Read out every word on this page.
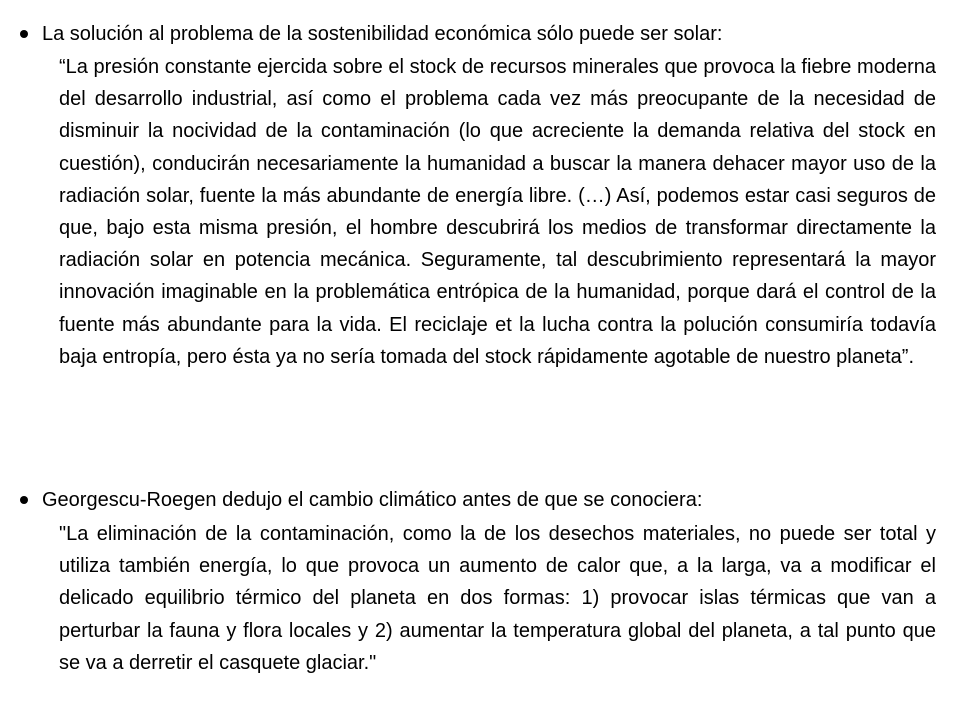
La solución al problema de la sostenibilidad económica sólo puede ser solar:
“La presión constante ejercida sobre el stock de recursos minerales que provoca la fiebre moderna del desarrollo industrial, así como el problema cada vez más preocupante de la necesidad de disminuir la nocividad de la contaminación (lo que acreciente la demanda relativa del stock en cuestión), conducirán necesariamente la humanidad a buscar la manera dehacer mayor uso de la radiación solar, fuente la más abundante de energía libre. (…) Así, podemos estar casi seguros de que, bajo esta misma presión, el hombre descubrirá los medios de transformar directamente la radiación solar en potencia mecánica. Seguramente, tal descubrimiento representará la mayor innovación imaginable en la problemática entrópica de la humanidad, porque dará el control de la fuente más abundante para la vida. El reciclaje et la lucha contra la polución consumiría todavía baja entropía, pero ésta ya no sería tomada del stock rápidamente agotable de nuestro planeta”.
Georgescu-Roegen dedujo el cambio climático antes de que se conociera:
"La eliminación de la contaminación, como la de los desechos materiales, no puede ser total y utiliza también energía, lo que provoca un aumento de calor que, a la larga, va a modificar el delicado equilibrio térmico del planeta en dos formas: 1) provocar islas térmicas que van a perturbar la fauna y flora locales y 2) aumentar la temperatura global del planeta, a tal punto que se va a derretir el casquete glaciar."
